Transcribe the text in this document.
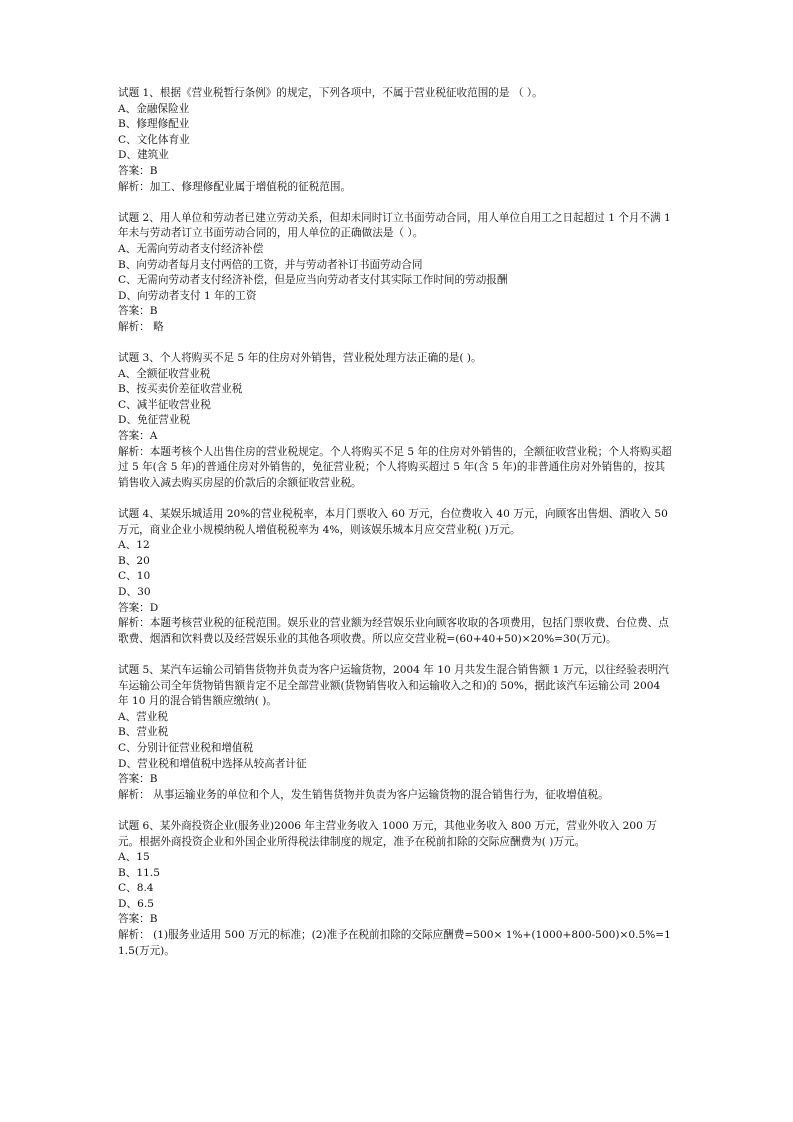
试题 1、根据《营业税暂行条例》的规定，下列各项中，不属于营业税征收范围的是 （ ）。
A、金融保险业
B、修理修配业
C、文化体育业
D、建筑业
答案：B
解析：加工、修理修配业属于增值税的征税范围。
试题 2、用人单位和劳动者已建立劳动关系，但却未同时订立书面劳动合同，用人单位自用工之日起超过 1 个月不满 1 年未与劳动者订立书面劳动合同的，用人单位的正确做法是（ ）。
A、无需向劳动者支付经济补偿
B、向劳动者每月支付两倍的工资，并与劳动者补订书面劳动合同
C、无需向劳动者支付经济补偿，但是应当向劳动者支付其实际工作时间的劳动报酬
D、向劳动者支付 1 年的工资
答案：B
解析： 略
试题 3、个人将购买不足 5 年的住房对外销售，营业税处理方法正确的是( )。
A、全额征收营业税
B、按买卖价差征收营业税
C、减半征收营业税
D、免征营业税
答案：A
解析：本题考核个人出售住房的营业税规定。个人将购买不足 5 年的住房对外销售的，全额征收营业税；个人将购买超过 5 年(含 5 年)的普通住房对外销售的，免征营业税；个人将购买超过 5 年(含 5 年)的非普通住房对外销售的，按其销售收入减去购买房屋的价款后的余额征收营业税。
试题 4、某娱乐城适用 20%的营业税税率，本月门票收入 60 万元，台位费收入 40 万元，向顾客出售烟、酒收入 50 万元，商业企业小规模纳税人增值税税率为 4%，则该娱乐城本月应交营业税( )万元。
A、12
B、20
C、10
D、30
答案：D
解析：本题考核营业税的征税范围。娱乐业的营业额为经营娱乐业向顾客收取的各项费用，包括门票收费、台位费、点歌费、烟酒和饮料费以及经营娱乐业的其他各项收费。所以应交营业税=(60+40+50)×20%=30(万元)。
试题 5、某汽车运输公司销售货物并负责为客户运输货物，2004 年 10 月共发生混合销售额 1 万元，以往经验表明汽车运输公司全年货物销售额肯定不足全部营业额(货物销售收入和运输收入之和)的 50%，据此该汽车运输公司 2004 年 10 月的混合销售额应缴纳( )。
A、营业税
B、营业税
C、分别计征营业税和增值税
D、营业税和增值税中选择从较高者计征
答案：B
解析： 从事运输业务的单位和个人，发生销售货物并负责为客户运输货物的混合销售行为，征收增值税。
试题 6、某外商投资企业(服务业)2006 年主营业务收入 1000 万元，其他业务收入 800 万元，营业外收入 200 万元。根据外商投资企业和外国企业所得税法律制度的规定，准予在税前扣除的交际应酬费为( )万元。
A、15
B、11.5
C、8.4
D、6.5
答案：B
解析： (1)服务业适用 500 万元的标准；(2)准予在税前扣除的交际应酬费=500× 1%+(1000+800-500)×0.5%=11.5(万元)。
